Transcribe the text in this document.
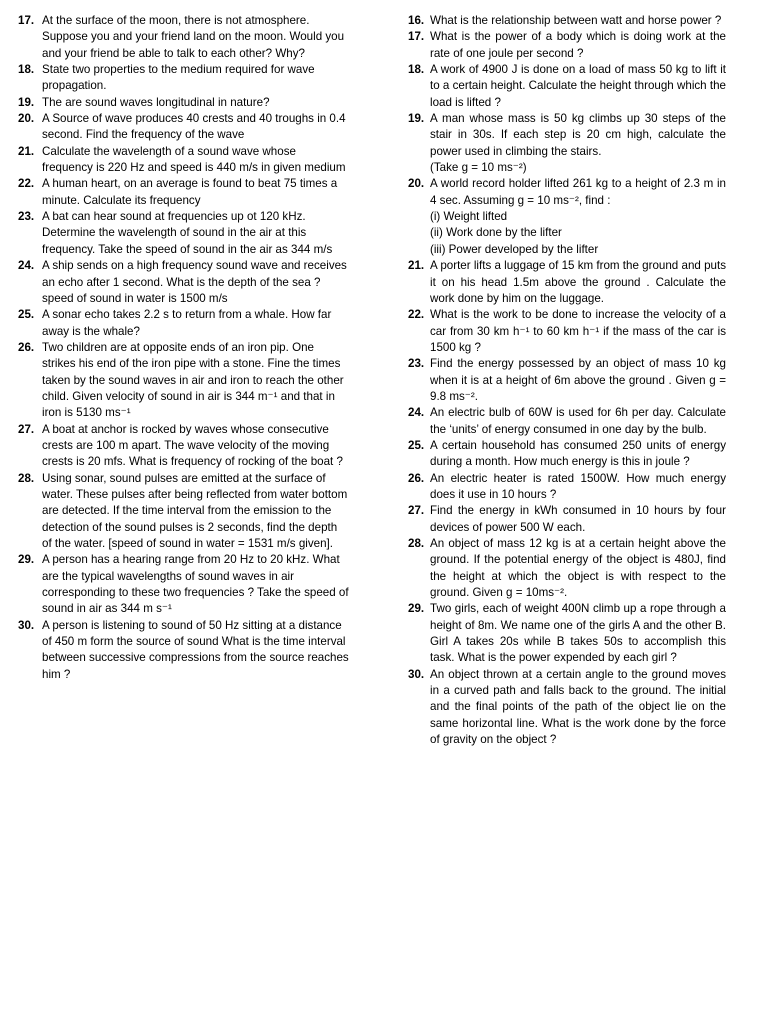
17. At the surface of the moon, there is not atmosphere. Suppose you and your friend land on the moon. Would you and your friend be able to talk to each other? Why?

18. State two properties to the medium required for wave propagation.

19. The are sound waves longitudinal in nature?

20. A Source of wave produces 40 crests and 40 troughs in 0.4 second. Find the frequency of the wave

21. Calculate the wavelength of a sound wave whose frequency is 220 Hz and speed is 440 m/s in given medium

22. A human heart, on an average is found to beat 75 times a minute. Calculate its frequency

23. A bat can hear sound at frequencies up ot 120 kHz. Determine the wavelength of sound in the air at this frequency. Take the speed of sound in the air as 344 m/s

24. A ship sends on a high frequency sound wave and receives an echo after 1 second. What is the depth of the sea ? speed of sound in water is 1500 m/s

25. A sonar echo takes 2.2 s to return from a whale. How far away is the whale?

26. Two children are at opposite ends of an iron pip. One strikes his end of the iron pipe with a stone. Fine the times taken by the sound waves in air and iron to reach the other child. Given velocity of sound in air is 344 m⁻¹ and that in iron is 5130 ms⁻¹

27. A boat at anchor is rocked by waves whose consecutive crests are 100 m apart. The wave velocity of the moving crests is 20 mfs. What is frequency of rocking of the boat ?

28. Using sonar, sound pulses are emitted at the surface of water. These pulses after being reflected from water bottom are detected. If the time interval from the emission to the detection of the sound pulses is 2 seconds, find the depth of the water. [speed of sound in water = 1531 m/s given].

29. A person has a hearing range from 20 Hz to 20 kHz. What are the typical wavelengths of sound waves in air corresponding to these two frequencies ? Take the speed of sound in air as 344 m s⁻¹

30. A person is listening to sound of 50 Hz sitting at a distance of 450 m form the source of sound What is the time interval between successive compressions from the source reaches him ?

16. What is the relationship between watt and horse power ?

17. What is the power of a body which is doing work at the rate of one joule per second ?

18. A work of 4900 J is done on a load of mass 50 kg to lift it to a certain height. Calculate the height through which the load is lifted ?

19. A man whose mass is 50 kg climbs up 30 steps of the stair in 30s. If each step is 20 cm high, calculate the power used in climbing the stairs.
(Take g = 10 ms⁻²)
20. A world record holder lifted 261 kg to a height of 2.3 m in 4 sec. Assuming g = 10 ms⁻², find :
(i) Weight lifted
(ii) Work done by the lifter
(iii) Power developed by the lifter
21. A porter lifts a luggage of 15 km from the ground and puts it on his head 1.5m above the ground . Calculate the work done by him on the luggage.

22. What is the work to be done to increase the velocity of a car from 30 km h⁻¹ to 60 km h⁻¹ if the mass of the car is 1500 kg ?

23. Find the energy possessed by an object of mass 10 kg when it is at a height of 6m above the ground . Given g = 9.8 ms⁻².

24. An electric bulb of 60W is used for 6h per day. Calculate the ‘units’ of energy consumed in one day by the bulb.

25. A certain household has consumed 250 units of energy during a month. How much energy is this in joule ?

26. An electric heater is rated 1500W. How much energy does it use in 10 hours ?

27. Find the energy in kWh consumed in 10 hours by four devices of power 500 W each.

28. An object of mass 12 kg is at a certain height above the ground. If the potential energy of the object is 480J, find the height at which the object is with respect to the ground. Given g = 10ms⁻².

29. Two girls, each of weight 400N climb up a rope through a height of 8m. We name one of the girls A and the other B. Girl A takes 20s while B takes 50s to accomplish this task. What is the power expended by each girl ?

30. An object thrown at a certain angle to the ground moves in a curved path and falls back to the ground. The initial and the final points of the path of the object lie on the same horizontal line. What is the work done by the force of gravity on the object ?
